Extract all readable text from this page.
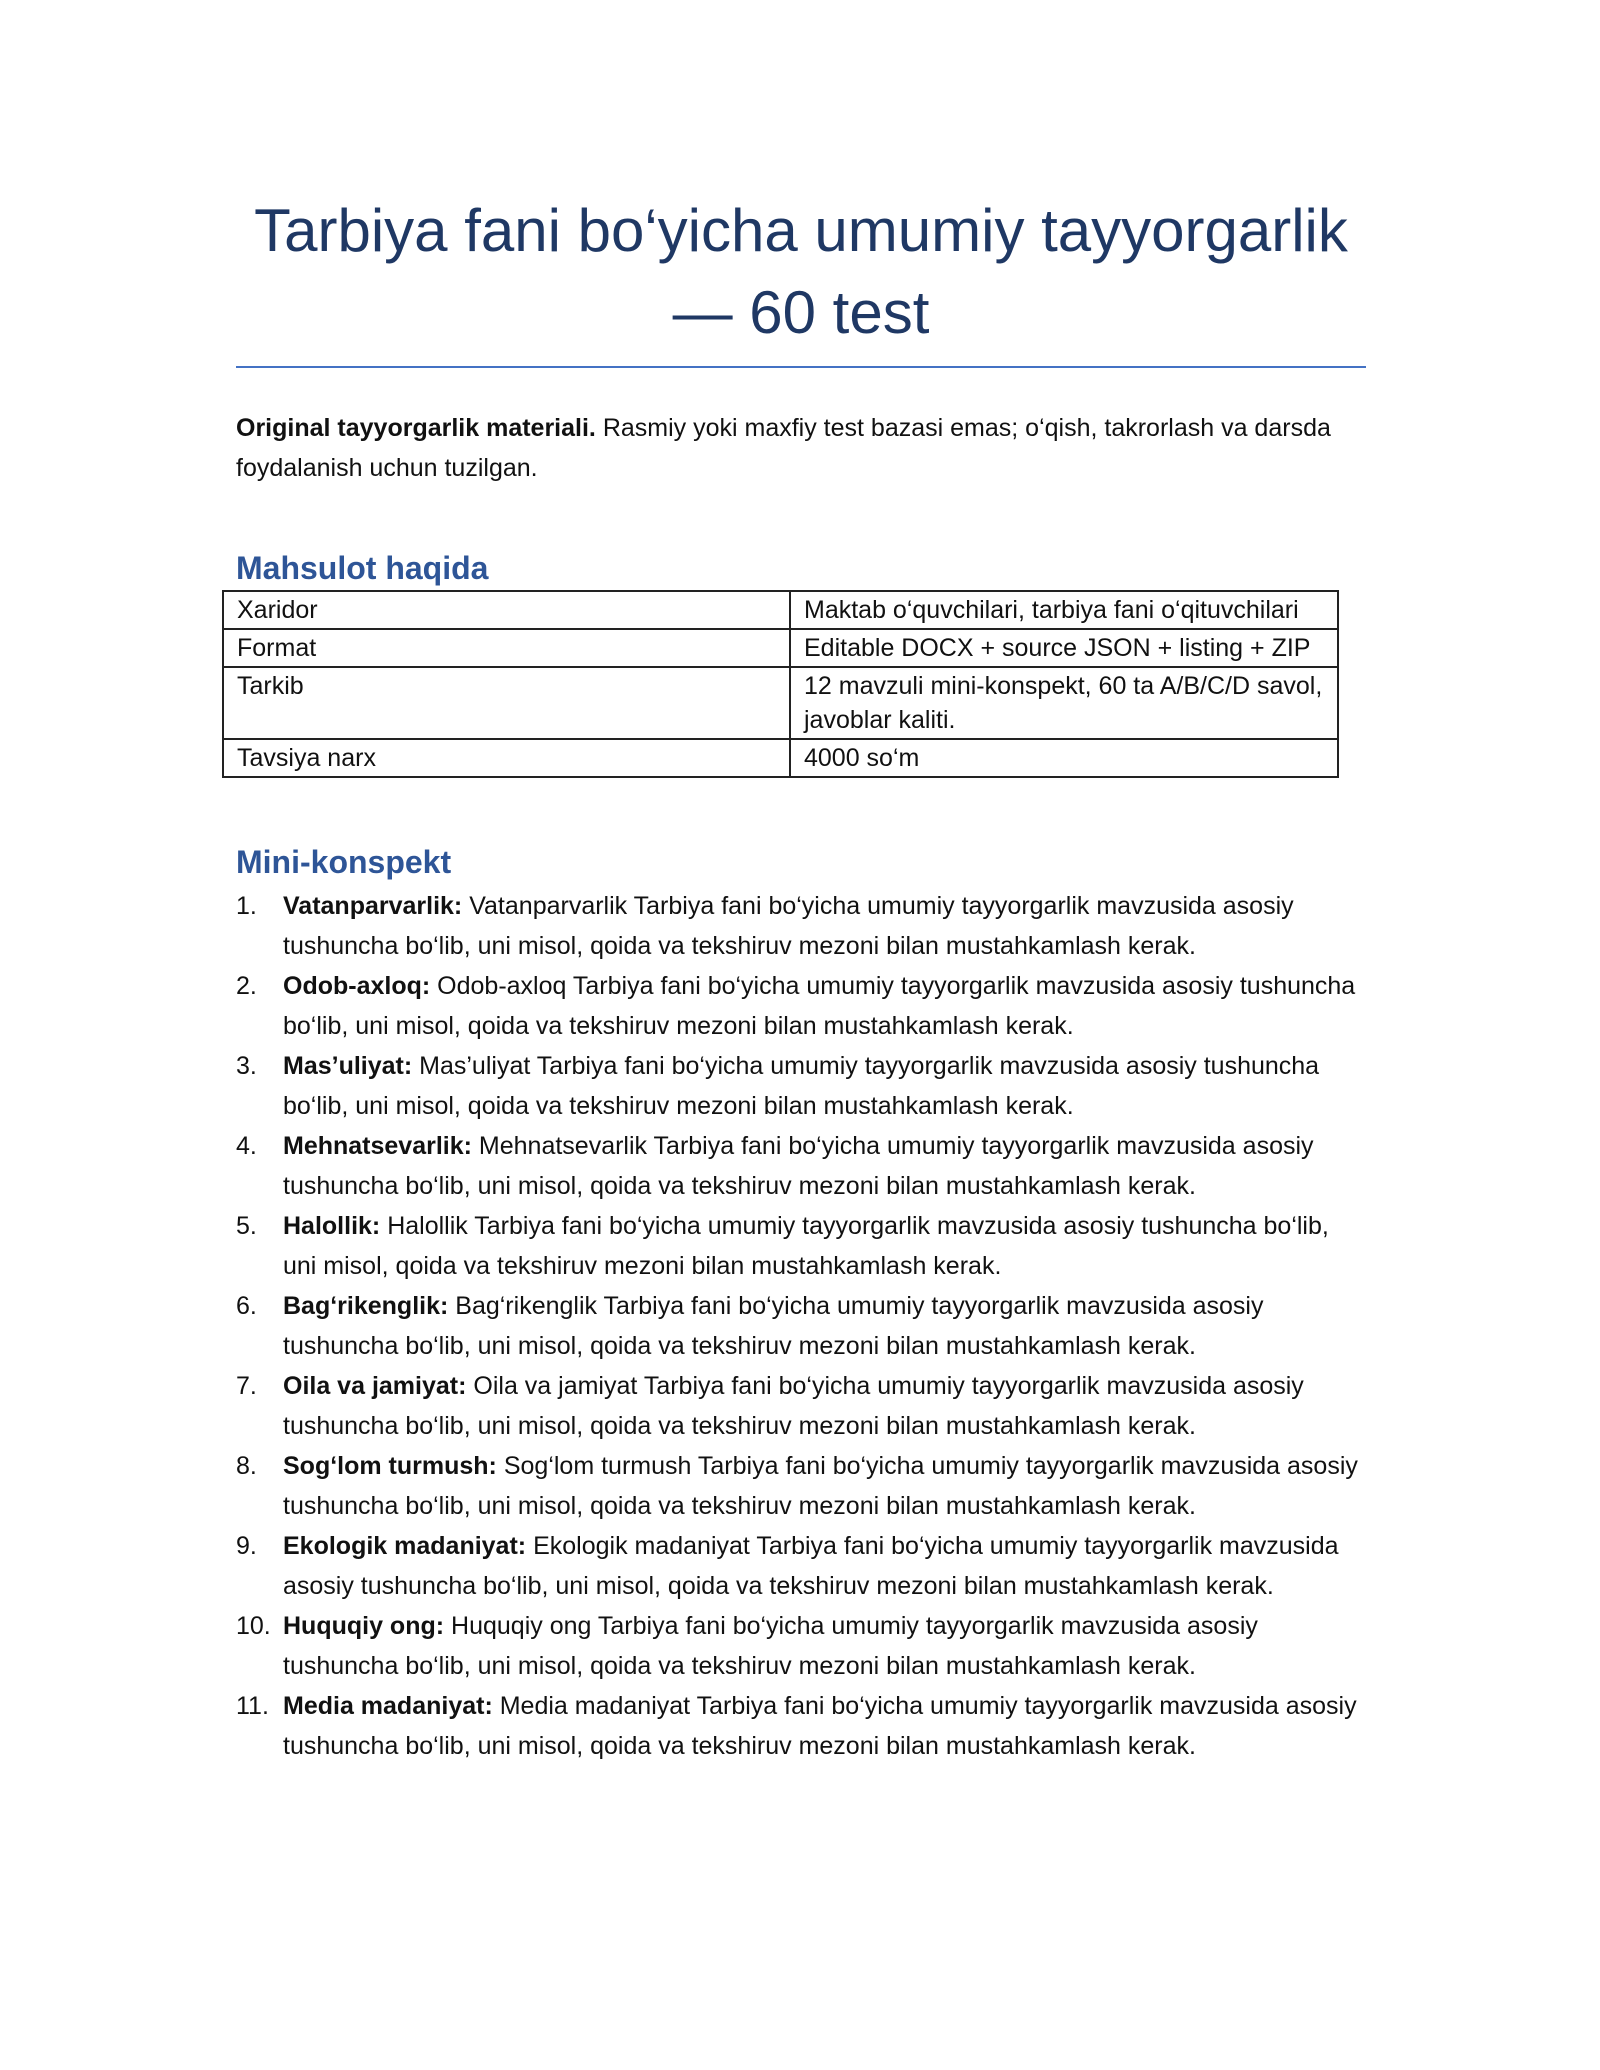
Tarbiya fani bo‘yicha umumiy tayyorgarlik — 60 test

Original tayyorgarlik materiali. Rasmiy yoki maxfiy test bazasi emas; o‘qish, takrorlash va darsda foydalanish uchun tuzilgan.

Mahsulot haqida
Xaridor	Maktab o‘quvchilari, tarbiya fani o‘qituvchilari
Format	Editable DOCX + source JSON + listing + ZIP
Tarkib	12 mavzuli mini-konspekt, 60 ta A/B/C/D savol, javoblar kaliti.
Tavsiya narx	4000 so‘m
Mini-konspekt
1. Vatanparvarlik: Vatanparvarlik Tarbiya fani bo‘yicha umumiy tayyorgarlik mavzusida asosiy tushuncha bo‘lib, uni misol, qoida va tekshiruv mezoni bilan mustahkamlash kerak.
2. Odob-axloq: Odob-axloq Tarbiya fani bo‘yicha umumiy tayyorgarlik mavzusida asosiy tushuncha bo‘lib, uni misol, qoida va tekshiruv mezoni bilan mustahkamlash kerak.
3. Mas’uliyat: Mas’uliyat Tarbiya fani bo‘yicha umumiy tayyorgarlik mavzusida asosiy tushuncha bo‘lib, uni misol, qoida va tekshiruv mezoni bilan mustahkamlash kerak.
4. Mehnatsevarlik: Mehnatsevarlik Tarbiya fani bo‘yicha umumiy tayyorgarlik mavzusida asosiy tushuncha bo‘lib, uni misol, qoida va tekshiruv mezoni bilan mustahkamlash kerak.
5. Halollik: Halollik Tarbiya fani bo‘yicha umumiy tayyorgarlik mavzusida asosiy tushuncha bo‘lib, uni misol, qoida va tekshiruv mezoni bilan mustahkamlash kerak.
6. Bag‘rikenglik: Bag‘rikenglik Tarbiya fani bo‘yicha umumiy tayyorgarlik mavzusida asosiy tushuncha bo‘lib, uni misol, qoida va tekshiruv mezoni bilan mustahkamlash kerak.
7. Oila va jamiyat: Oila va jamiyat Tarbiya fani bo‘yicha umumiy tayyorgarlik mavzusida asosiy tushuncha bo‘lib, uni misol, qoida va tekshiruv mezoni bilan mustahkamlash kerak.
8. Sog‘lom turmush: Sog‘lom turmush Tarbiya fani bo‘yicha umumiy tayyorgarlik mavzusida asosiy tushuncha bo‘lib, uni misol, qoida va tekshiruv mezoni bilan mustahkamlash kerak.
9. Ekologik madaniyat: Ekologik madaniyat Tarbiya fani bo‘yicha umumiy tayyorgarlik mavzusida asosiy tushuncha bo‘lib, uni misol, qoida va tekshiruv mezoni bilan mustahkamlash kerak.
10. Huquqiy ong: Huquqiy ong Tarbiya fani bo‘yicha umumiy tayyorgarlik mavzusida asosiy tushuncha bo‘lib, uni misol, qoida va tekshiruv mezoni bilan mustahkamlash kerak.
11. Media madaniyat: Media madaniyat Tarbiya fani bo‘yicha umumiy tayyorgarlik mavzusida asosiy tushuncha bo‘lib, uni misol, qoida va tekshiruv mezoni bilan mustahkamlash kerak.
